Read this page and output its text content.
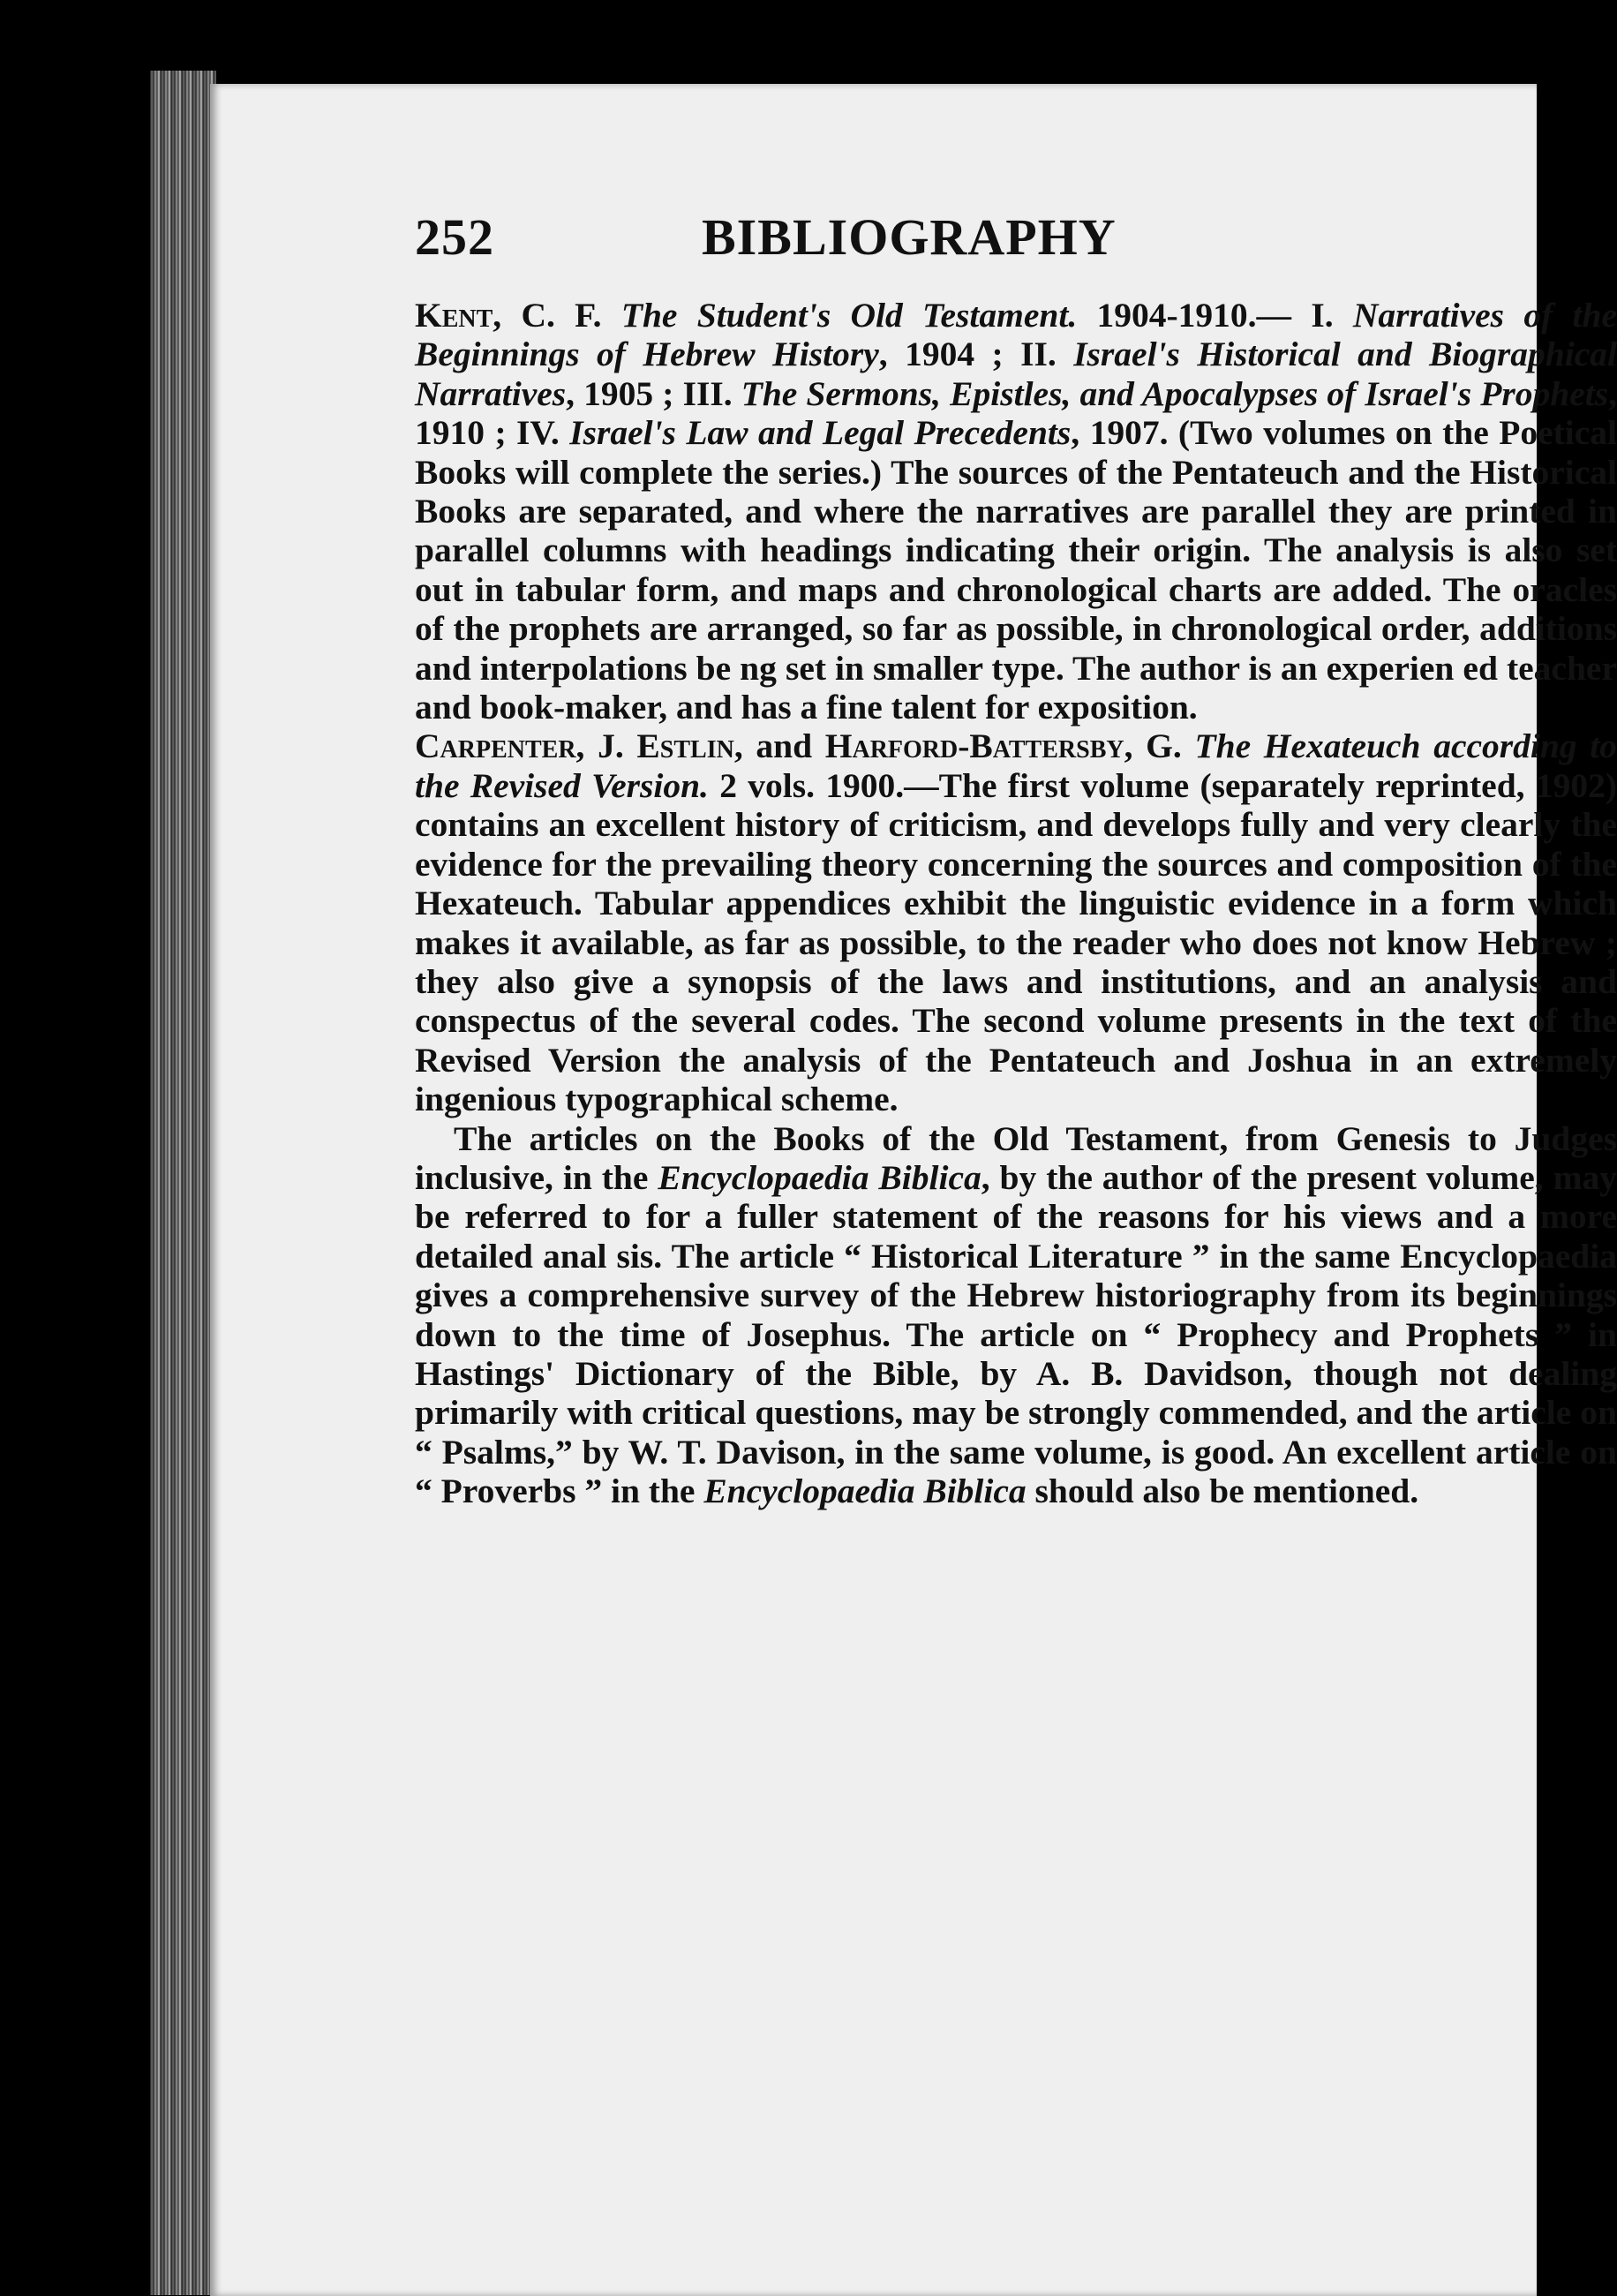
252	BIBLIOGRAPHY

Kent, C. F. The Student's Old Testament. 1904-1910.— I. Narratives of the Beginnings of Hebrew History, 1904 ; II. Israel's Historical and Biographical Narratives, 1905 ; III. The Sermons, Epistles, and Apocalypses of Israel's Prophets, 1910 ; IV. Israel's Law and Legal Precedents, 1907. (Two volumes on the Poetical Books will complete the series.) The sources of the Pentateuch and the Historical Books are separated, and where the narratives are parallel they are printed in parallel columns with headings indicating their origin. The analysis is also set out in tabular form, and maps and chronological charts are added. The oracles of the prophets are arranged, so far as possible, in chronological order, additions and interpolations be ng set in smaller type. The author is an experien ed teacher and book-maker, and has a fine talent for exposition.

Carpenter, J. Estlin, and Harford-Battersby, G. The Hexateuch according to the Revised Version. 2 vols. 1900.—The first volume (separately reprinted, 1902) contains an excellent history of criticism, and develops fully and very clearly the evidence for the prevailing theory concerning the sources and composition of the Hexateuch. Tabular appendices exhibit the linguistic evidence in a form which makes it available, as far as possible, to the reader who does not know Hebrew ; they also give a synopsis of the laws and institutions, and an analysis and conspectus of the several codes. The second volume presents in the text of the Revised Version the analysis of the Pentateuch and Joshua in an extremely ingenious typographical scheme.

The articles on the Books of the Old Testament, from Genesis to Judges inclusive, in the Encyclopaedia Biblica, by the author of the present volume, may be referred to for a fuller statement of the reasons for his views and a more detailed anal sis. The article “ Historical Literature ” in the same Encyclopaedia gives a comprehensive survey of the Hebrew historiography from its beginnings down to the time of Josephus. The article on “ Prophecy and Prophets ” in Hastings' Dictionary of the Bible, by A. B. Davidson, though not dealing primarily with critical questions, may be strongly commended, and the article on “ Psalms,” by W. T. Davison, in the same volume, is good. An excellent article on “ Proverbs ” in the Encyclopaedia Biblica should also be mentioned.
